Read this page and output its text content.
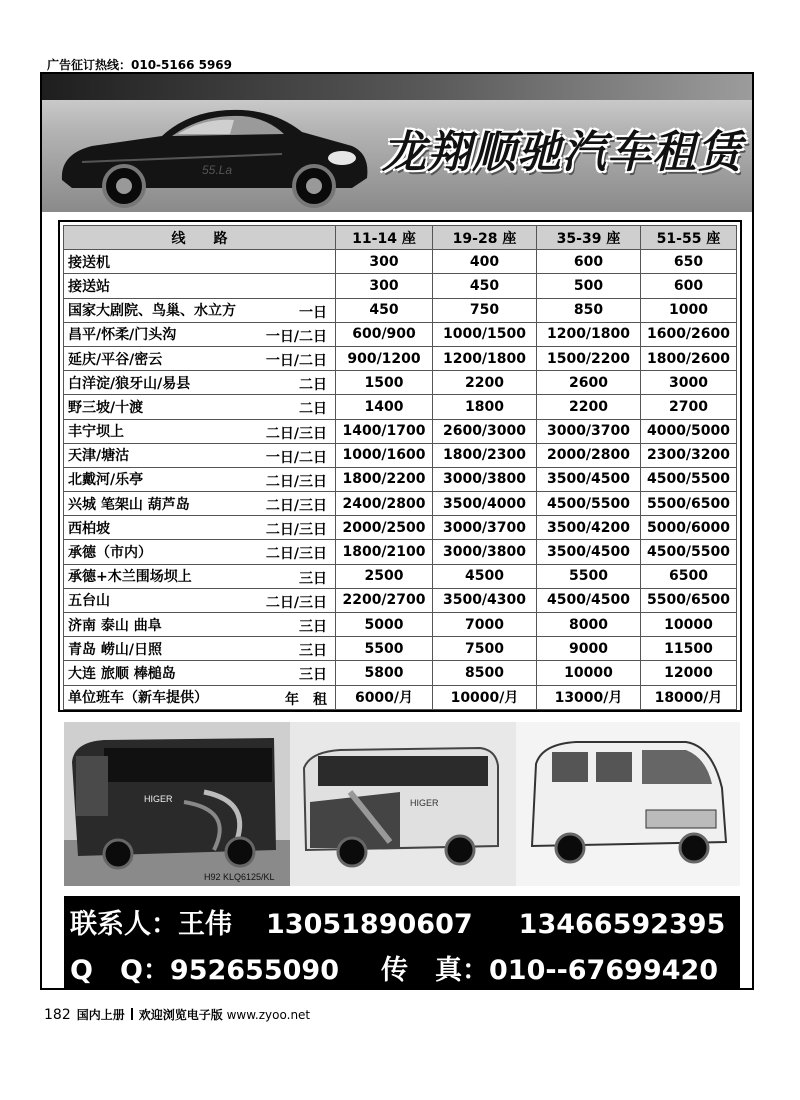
广告征订热线：010-5166 5969
55.La	龙翔顺驰汽车租赁
线　　路	11-14 座	19-28 座	35-39 座	51-55 座
接送机	300	400	600	650
接送站	300	450	500	600
国家大剧院、鸟巢、水立方 一日	450	750	850	1000
昌平/怀柔/门头沟 一日/二日	600/900	1000/1500	1200/1800	1600/2600
延庆/平谷/密云 一日/二日	900/1200	1200/1800	1500/2200	1800/2600
白洋淀/狼牙山/易县 二日	1500	2200	2600	3000
野三坡/十渡 二日	1400	1800	2200	2700
丰宁坝上 二日/三日	1400/1700	2600/3000	3000/3700	4000/5000
天津/塘沽 一日/二日	1000/1600	1800/2300	2000/2800	2300/3200
北戴河/乐亭 二日/三日	1800/2200	3000/3800	3500/4500	4500/5500
兴城 笔架山 葫芦岛 二日/三日	2400/2800	3500/4000	4500/5500	5500/6500
西柏坡 二日/三日	2000/2500	3000/3700	3500/4200	5000/6000
承德（市内） 二日/三日	1800/2100	3000/3800	3500/4500	4500/5500
承德+木兰围场坝上 三日	2500	4500	5500	6500
五台山 二日/三日	2200/2700	3500/4300	4500/4500	5500/6500
济南 泰山 曲阜 三日	5000	7000	8000	10000
青岛 崂山/日照 三日	5500	7500	9000	11500
大连 旅顺 棒槌岛 三日	5800	8500	10000	12000
单位班车（新车提供） 年　租	6000/月	10000/月	13000/月	18000/月
HIGER
H92 KLQ6125/KL
HIGER
联系人：王伟 13051890607 13466592395
Q　Q：952655090 传　真：010--67699420
182 国内上册 欢迎浏览电子版 www.zyoo.net
